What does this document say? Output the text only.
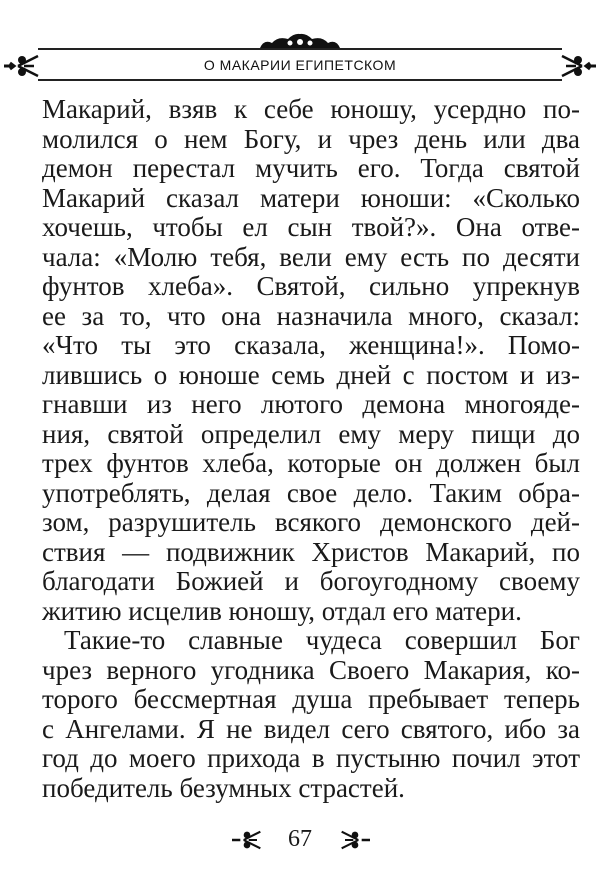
О МАКАРИИ ЕГИПЕТСКОМ
Макарий, взяв к себе юношу, усердно по-
молился о нем Богу, и чрез день или два
демон перестал мучить его. Тогда святой
Макарий сказал матери юноши: «Сколько
хочешь, чтобы ел сын твой?». Она отве-
чала: «Молю тебя, вели ему есть по десяти
фунтов хлеба». Святой, сильно упрекнув
ее за то, что она назначила много, сказал:
«Что ты это сказала, женщина!». Помо-
лившись о юноше семь дней с постом и из-
гнавши из него лютого демона многояде-
ния, святой определил ему меру пищи до
трех фунтов хлеба, которые он должен был
употреблять, делая свое дело. Таким обра-
зом, разрушитель всякого демонского дей-
ствия — подвижник Христов Макарий, по
благодати Божией и богоугодному своему
житию исцелив юношу, отдал его матери.
Такие-то славные чудеса совершил Бог
чрез верного угодника Своего Макария, ко-
торого бессмертная душа пребывает теперь
с Ангелами. Я не видел сего святого, ибо за
год до моего прихода в пустыню почил этот
победитель безумных страстей.
67
